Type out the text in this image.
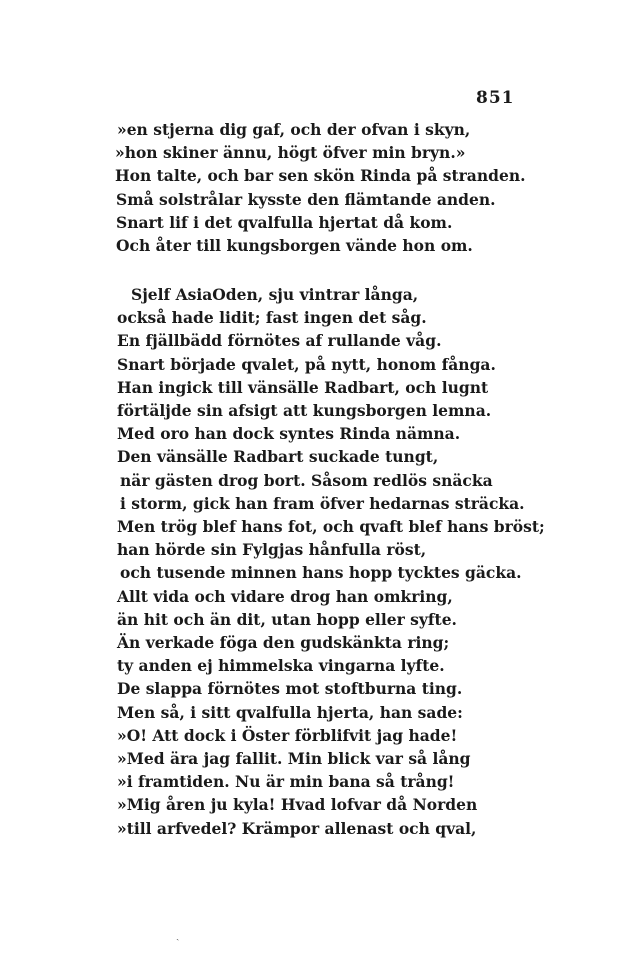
851
»en stjerna dig gaf, och der ofvan i skyn,
»hon skiner ännu, högt öfver min bryn.»
Hon talte, och bar sen skön Rinda på stranden.
Små solstrålar kysste den flämtande anden.
Snart lif i det qvalfulla hjertat då kom.
Och åter till kungsborgen vände hon om.
Sjelf AsiaOden, sju vintrar långa,
också hade lidit; fast ingen det såg.
En fjällbädd förnötes af rullande våg.
Snart började qvalet, på nytt, honom fånga.
Han ingick till vänsälle Radbart, och lugnt
förtäljde sin afsigt att kungsborgen lemna.
Med oro han dock syntes Rinda nämna.
Den vänsälle Radbart suckade tungt,
när gästen drog bort. Såsom redlös snäcka
i storm, gick han fram öfver hedarnas sträcka.
Men trög blef hans fot, och qvaft blef hans bröst;
han hörde sin Fylgjas hånfulla röst,
och tusende minnen hans hopp tycktes gäcka.
Allt vida och vidare drog han omkring,
än hit och än dit, utan hopp eller syfte.
Än verkade föga den gudskänkta ring;
ty anden ej himmelska vingarna lyfte.
De slappa förnötes mot stoftburna ting.
Men så, i sitt qvalfulla hjerta, han sade:
»O! Att dock i Öster förblifvit jag hade!
»Med ära jag fallit. Min blick var så lång
»i framtiden. Nu är min bana så trång!
»Mig åren ju kyla! Hvad lofvar då Norden
»till arfvedel? Krämpor allenast och qval,
ˎ
